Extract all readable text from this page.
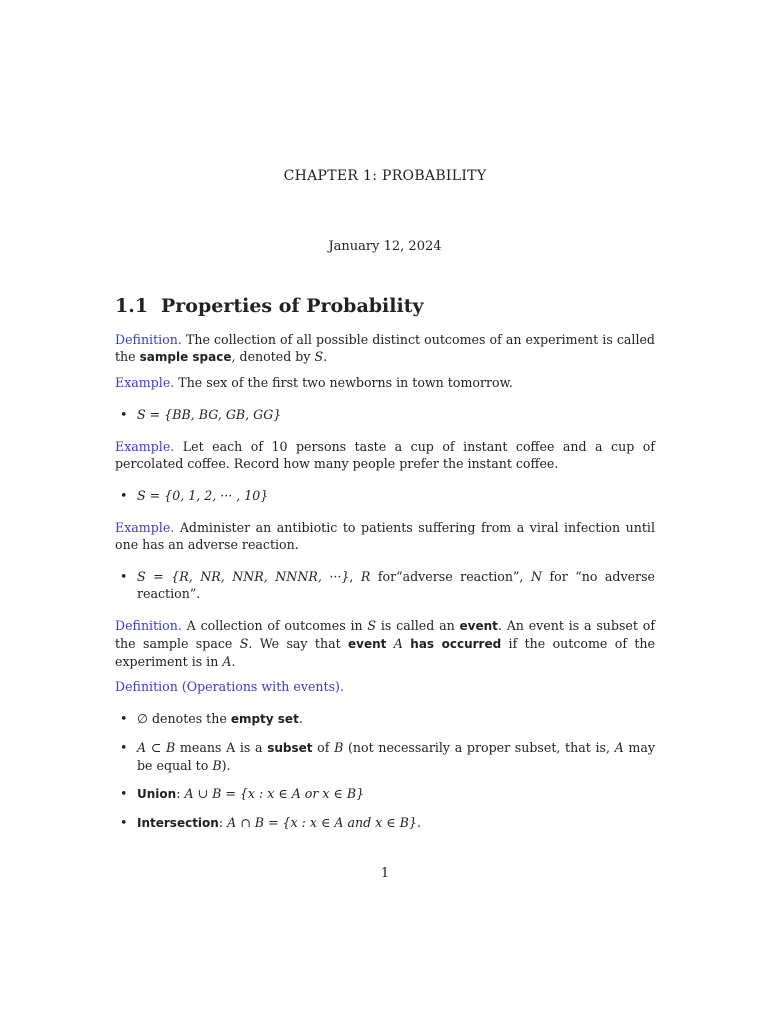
CHAPTER 1: PROBABILITY
January 12, 2024
1.1 Properties of Probability

Definition. The collection of all possible distinct outcomes of an experiment is called the sample space, denoted by S.

Example. The sex of the first two newborns in town tomorrow.

• S = {BB, BG, GB, GG}

Example. Let each of 10 persons taste a cup of instant coffee and a cup of percolated coffee. Record how many people prefer the instant coffee.

• S = {0, 1, 2, ··· , 10}

Example. Administer an antibiotic to patients suffering from a viral infection until one has an adverse reaction.

• S = {R, NR, NNR, NNNR, ···}, R for“adverse reaction”, N for “no adverse reaction”.

Definition. A collection of outcomes in S is called an event. An event is a subset of the sample space S. We say that event A has occurred if the outcome of the experiment is in A.

Definition (Operations with events).

• ∅ denotes the empty set.
• A ⊂ B means A is a subset of B (not necessarily a proper subset, that is, A may be equal to B).
• Union: A ∪ B = {x : x ∈ A or x ∈ B}
• Intersection: A ∩ B = {x : x ∈ A and x ∈ B}.
1
